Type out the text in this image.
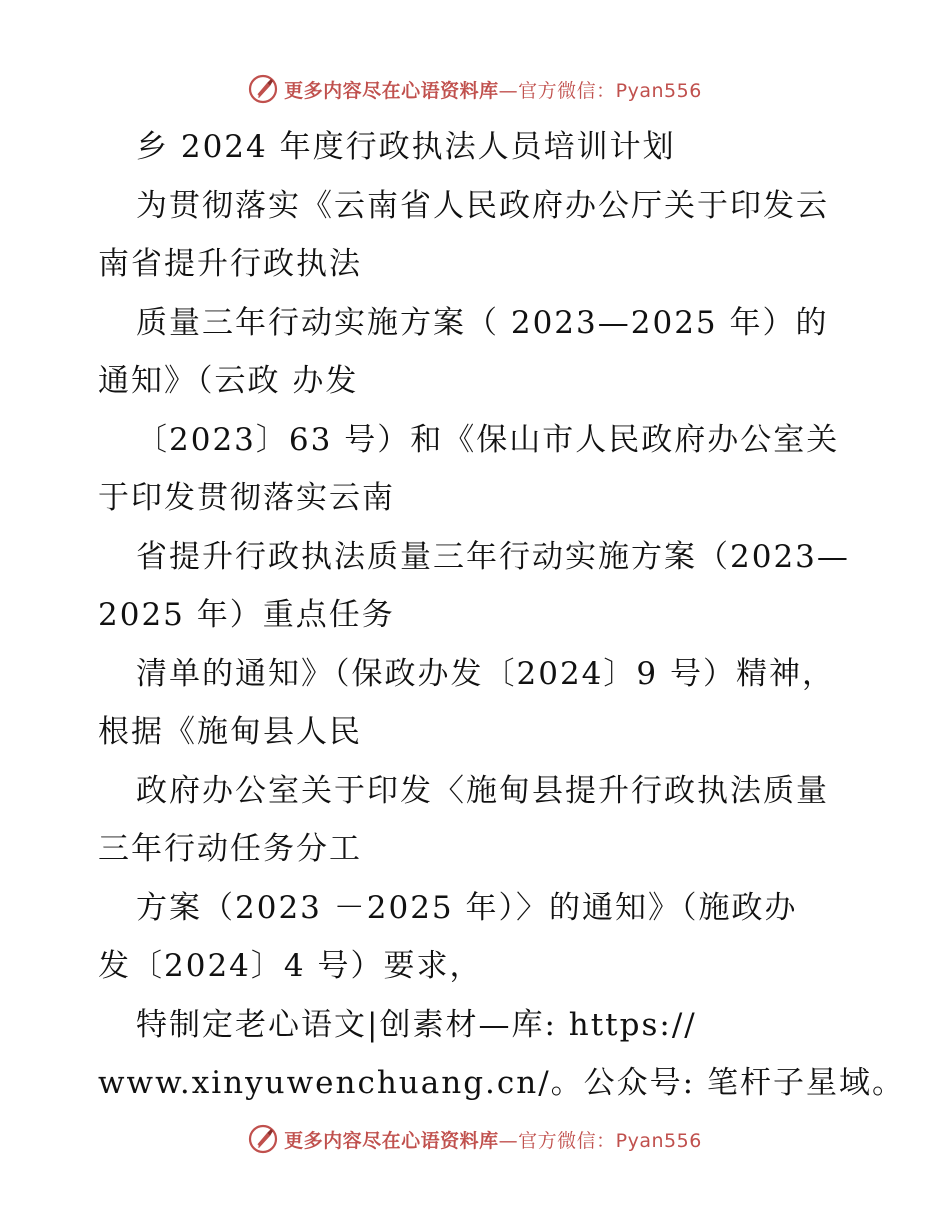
更多内容尽在心语资料库—官方微信：Pyan556
乡 2024 年度行政执法人员培训计划
为贯彻落实《云南省人民政府办公厅关于印发云
南省提升行政执法
质量三年行动实施方案（ 2023—2025 年）的
通知》（云政 办发
〔2023〕63 号）和《保山市人民政府办公室关
于印发贯彻落实云南
省提升行政执法质量三年行动实施方案（2023—
2025 年）重点任务
清单的通知》（保政办发〔2024〕9 号）精神，
根据《施甸县人民
政府办公室关于印发〈施甸县提升行政执法质量
三年行动任务分工
方案（2023 －2025 年）〉的通知》（施政办
发〔2024〕4 号）要求，
特制定老心语文|创素材—库: https://
www.xinyuwenchuang.cn/。公众号: 笔杆子星域。
更多内容尽在心语资料库—官方微信：Pyan556
